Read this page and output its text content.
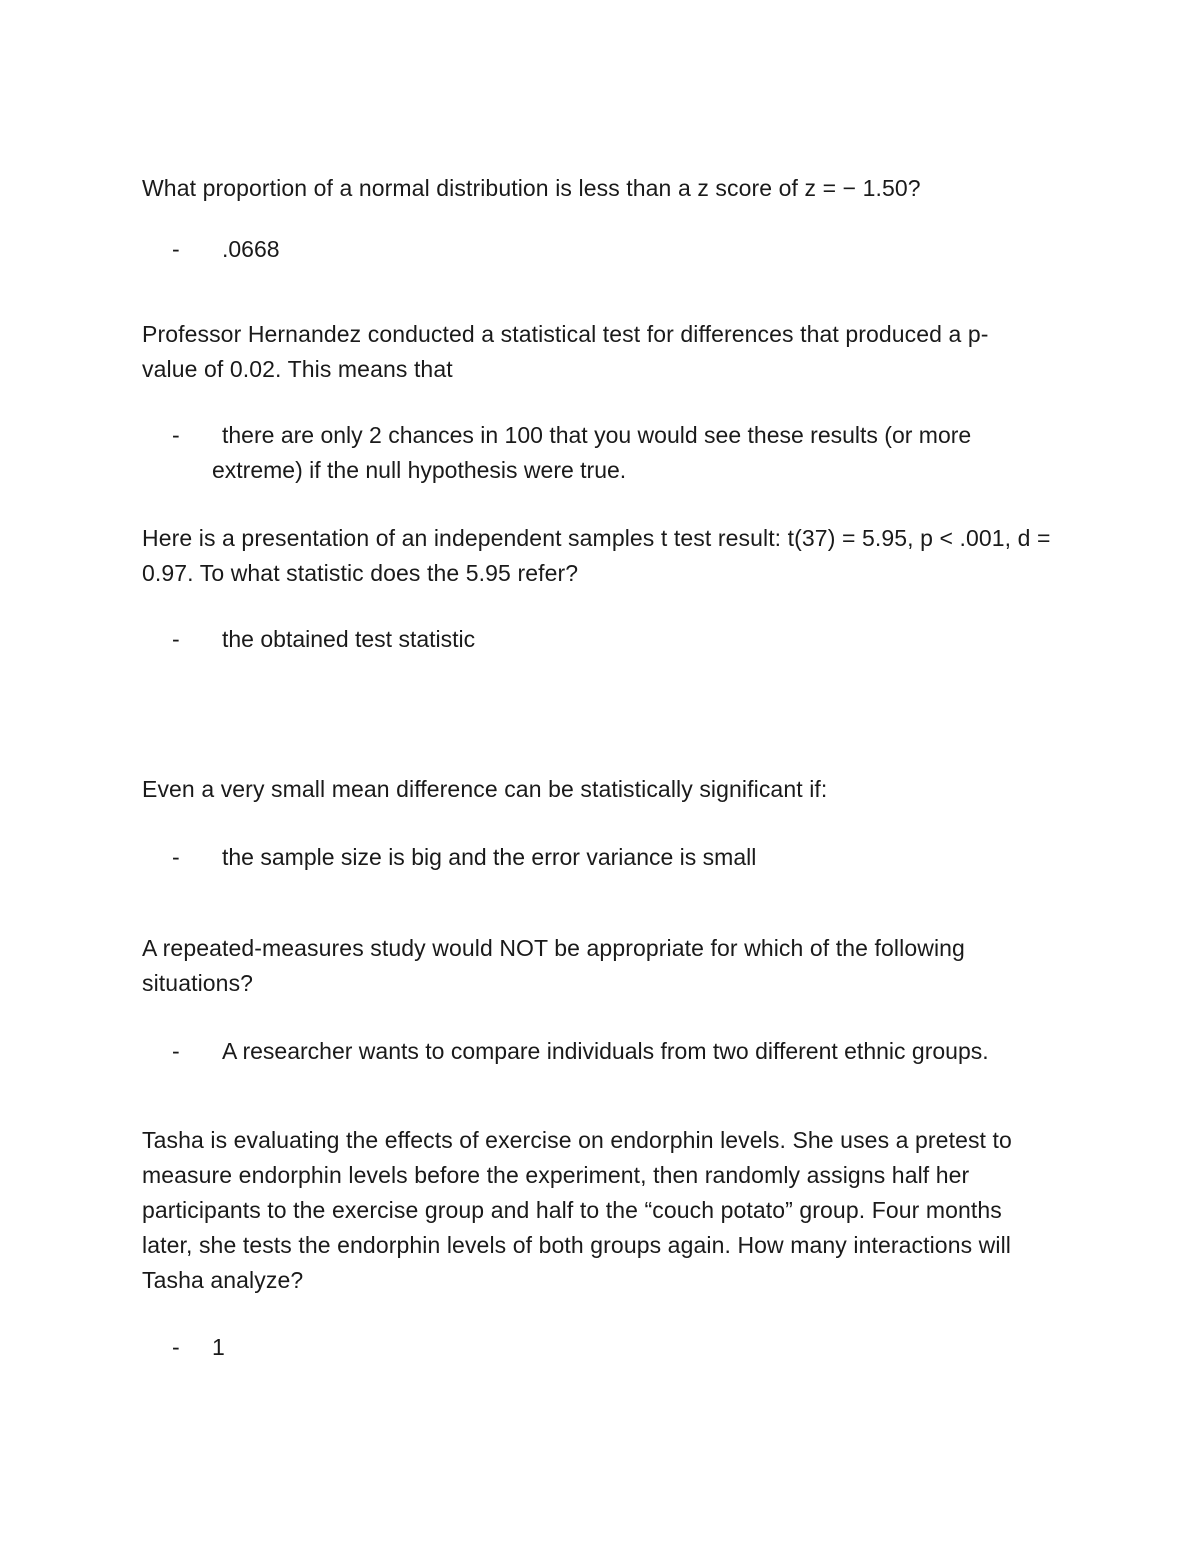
What proportion of a normal distribution is less than a z score of z = − 1.50?

- .0668

Professor Hernandez conducted a statistical test for differences that produced a p-value of 0.02. This means that

-	there are only 2 chances in 100 that you would see these results (or more extreme) if the null hypothesis were true.

Here is a presentation of an independent samples t test result: t(37) = 5.95, p < .001, d = 0.97. To what statistic does the 5.95 refer?

- the obtained test statistic

Even a very small mean difference can be statistically significant if:

- the sample size is big and the error variance is small

A repeated-measures study would NOT be appropriate for which of the following situations?

- A researcher wants to compare individuals from two different ethnic groups.

Tasha is evaluating the effects of exercise on endorphin levels. She uses a pretest to measure endorphin levels before the experiment, then randomly assigns half her participants to the exercise group and half to the “couch potato” group. Four months later, she tests the endorphin levels of both groups again. How many interactions will Tasha analyze?

- 1
